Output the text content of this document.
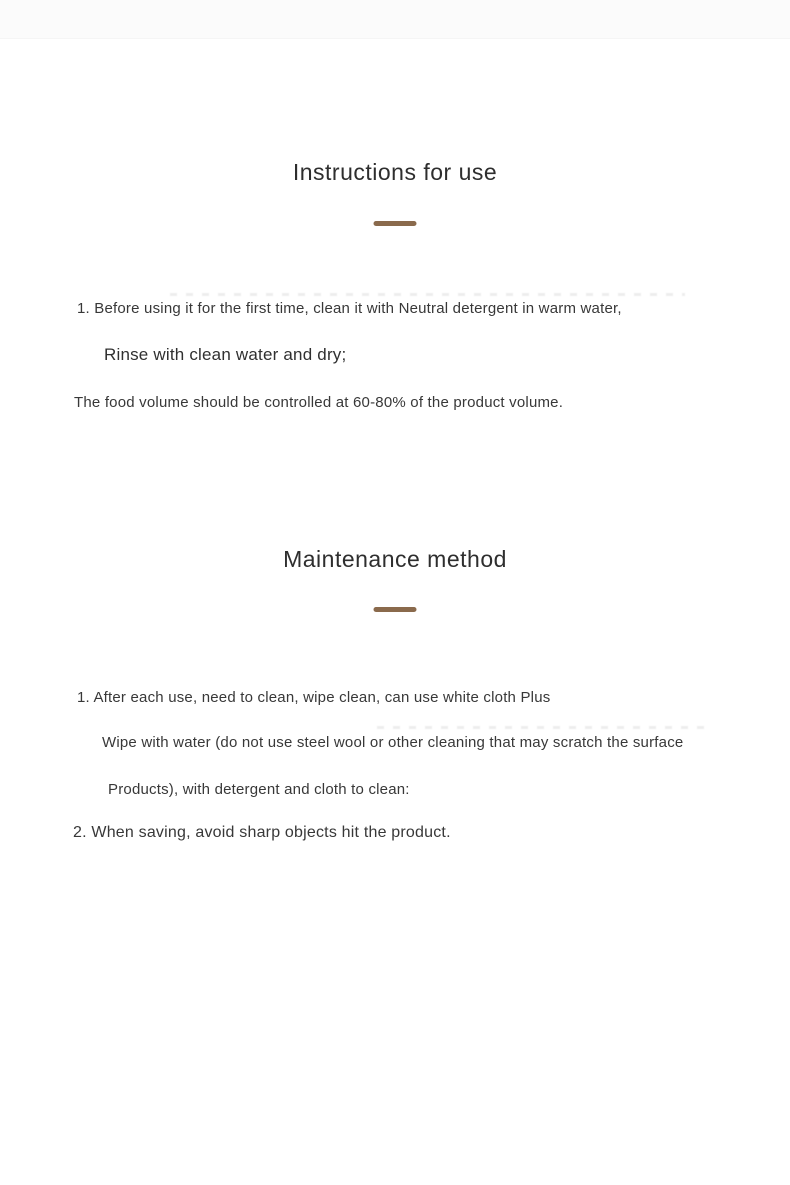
Instructions for use
1. Before using it for the first time, clean it with Neutral detergent in warm water,
Rinse with clean water and dry;
The food volume should be controlled at 60-80% of the product volume.
Maintenance method
1. After each use, need to clean, wipe clean, can use white cloth Plus
Wipe with water (do not use steel wool or other cleaning that may scratch the surface
Products), with detergent and cloth to clean:
2. When saving, avoid sharp objects hit the product.
